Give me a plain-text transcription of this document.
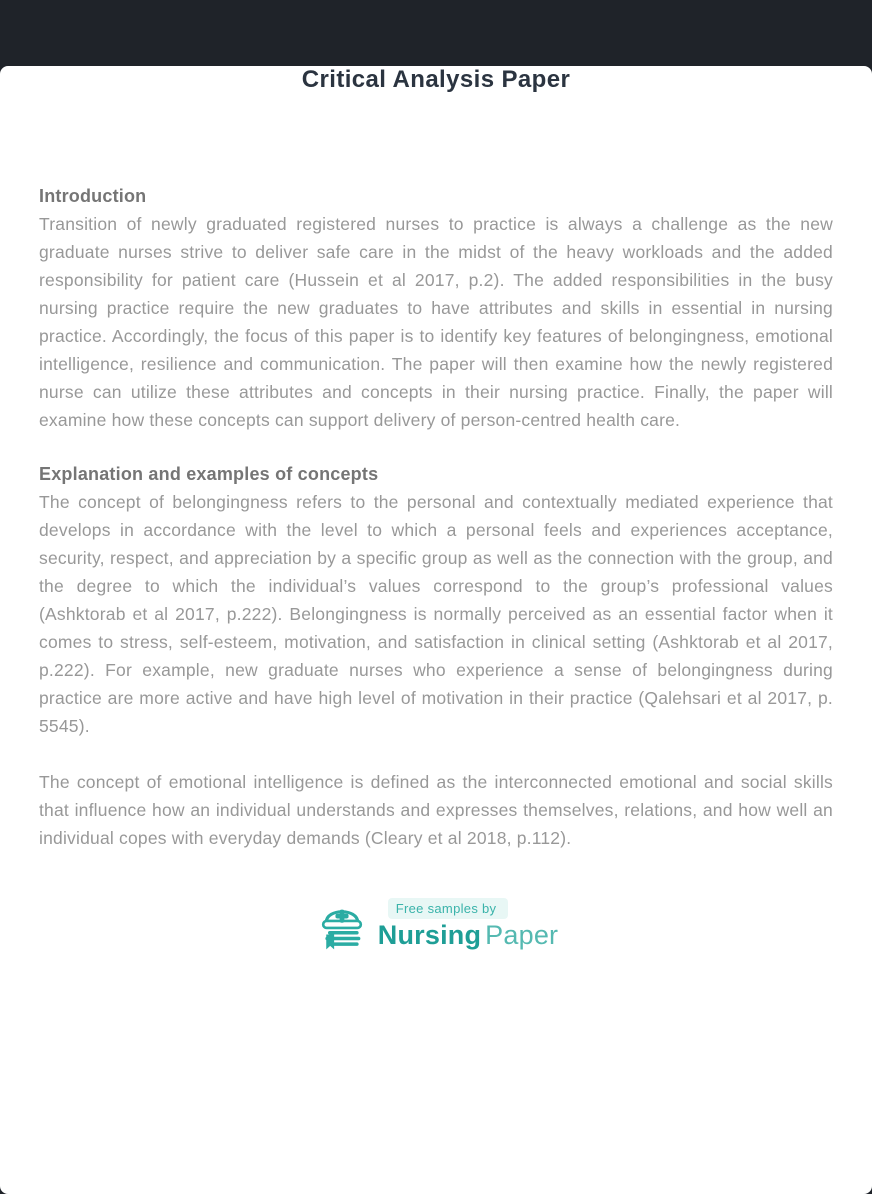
Critical Analysis Paper
Introduction

Transition of newly graduated registered nurses to practice is always a challenge as the new graduate nurses strive to deliver safe care in the midst of the heavy workloads and the added responsibility for patient care (Hussein et al 2017, p.2). The added responsibilities in the busy nursing practice require the new graduates to have attributes and skills in essential in nursing practice. Accordingly, the focus of this paper is to identify key features of belongingness, emotional intelligence, resilience and communication. The paper will then examine how the newly registered nurse can utilize these attributes and concepts in their nursing practice. Finally, the paper will examine how these concepts can support delivery of person-centred health care.

Explanation and examples of concepts

The concept of belongingness refers to the personal and contextually mediated experience that develops in accordance with the level to which a personal feels and experiences acceptance, security, respect, and appreciation by a specific group as well as the connection with the group, and the degree to which the individual’s values correspond to the group’s professional values (Ashktorab et al 2017, p.222). Belongingness is normally perceived as an essential factor when it comes to stress, self-esteem, motivation, and satisfaction in clinical setting (Ashktorab et al 2017, p.222). For example, new graduate nurses who experience a sense of belongingness during practice are more active and have high level of motivation in their practice (Qalehsari et al 2017, p. 5545).

The concept of emotional intelligence is defined as the interconnected emotional and social skills that influence how an individual understands and expresses themselves, relations, and how well an individual copes with everyday demands (Cleary et al 2018, p.112).

Free samples by
Nursing Paper
